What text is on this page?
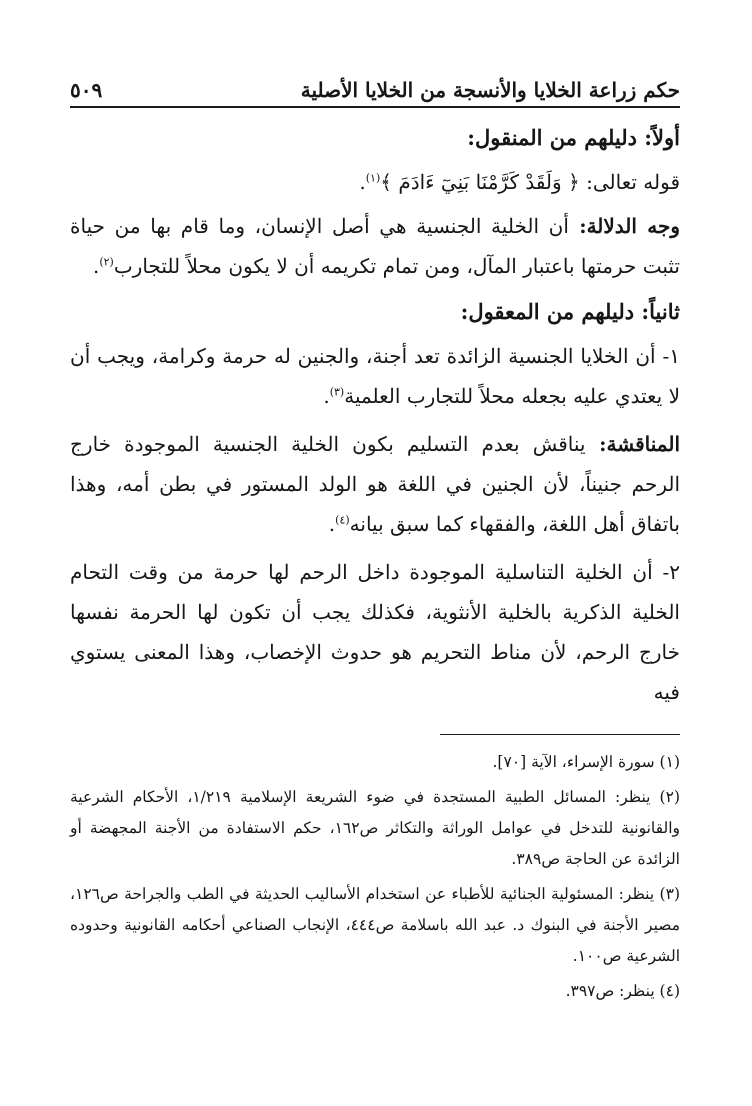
حكم زراعة الخلايا والأنسجة من الخلايا الأصلية
٥٠٩

أولاً: دليلهم من المنقول:

قوله تعالى: ﴿ وَلَقَدْ كَرَّمْنَا بَنِيٓ ءَادَمَ ﴾$^{(١)}$.

وجه الدلالة: أن الخلية الجنسية هي أصل الإنسان، وما قام بها من حياة تثبت حرمتها باعتبار المآل، ومن تمام تكريمه أن لا يكون محلاً للتجارب$^{(٢)}$.

ثانياً: دليلهم من المعقول:

١- أن الخلايا الجنسية الزائدة تعد أجنة، والجنين له حرمة وكرامة، ويجب أن لا يعتدي عليه بجعله محلاً للتجارب العلمية$^{(٣)}$.

المناقشة: يناقش بعدم التسليم بكون الخلية الجنسية الموجودة خارج الرحم جنيناً، لأن الجنين في اللغة هو الولد المستور في بطن أمه، وهذا باتفاق أهل اللغة، والفقهاء كما سبق بيانه$^{(٤)}$.

٢- أن الخلية التناسلية الموجودة داخل الرحم لها حرمة من وقت التحام الخلية الذكرية بالخلية الأنثوية، فكذلك يجب أن تكون لها الحرمة نفسها خارج الرحم، لأن مناط التحريم هو حدوث الإخصاب، وهذا المعنى يستوي فيه

(١) سورة الإسراء، الآية [٧٠].

(٢) ينظر: المسائل الطبية المستجدة في ضوء الشريعة الإسلامية ١/٢١٩، الأحكام الشرعية والقانونية للتدخل في عوامل الوراثة والتكاثر ص١٦٢، حكم الاستفادة من الأجنة المجهضة أو الزائدة عن الحاجة ص٣٨٩.

(٣) ينظر: المسئولية الجنائية للأطباء عن استخدام الأساليب الحديثة في الطب والجراحة ص١٢٦، مصير الأجنة في البنوك د. عبد الله باسلامة ص٤٤٤، الإنجاب الصناعي أحكامه القانونية وحدوده الشرعية ص١٠٠.

(٤) ينظر: ص٣٩٧.
